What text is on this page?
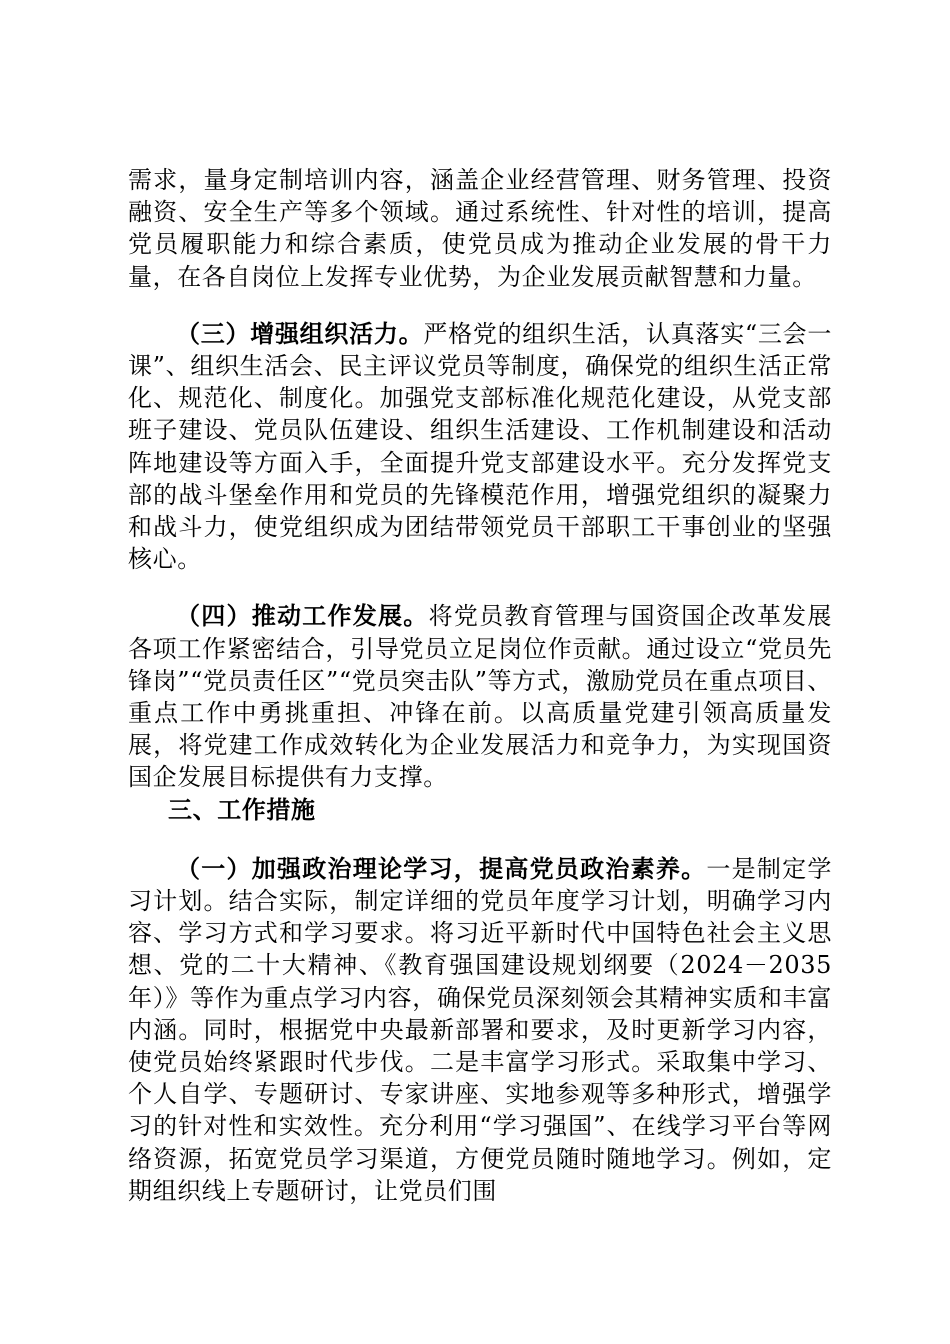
需求，量身定制培训内容，涵盖企业经营管理、财务管理、投资融资、安全生产等多个领域。通过系统性、针对性的培训，提高党员履职能力和综合素质，使党员成为推动企业发展的骨干力量，在各自岗位上发挥专业优势，为企业发展贡献智慧和力量。

（三）增强组织活力。严格党的组织生活，认真落实“三会一课”、组织生活会、民主评议党员等制度，确保党的组织生活正常化、规范化、制度化。加强党支部标准化规范化建设，从党支部班子建设、党员队伍建设、组织生活建设、工作机制建设和活动阵地建设等方面入手，全面提升党支部建设水平。充分发挥党支部的战斗堡垒作用和党员的先锋模范作用，增强党组织的凝聚力和战斗力，使党组织成为团结带领党员干部职工干事创业的坚强核心。

（四）推动工作发展。将党员教育管理与国资国企改革发展各项工作紧密结合，引导党员立足岗位作贡献。通过设立“党员先锋岗”“党员责任区”“党员突击队”等方式，激励党员在重点项目、重点工作中勇挑重担、冲锋在前。以高质量党建引领高质量发展，将党建工作成效转化为企业发展活力和竞争力，为实现国资国企发展目标提供有力支撑。

三、工作措施

（一）加强政治理论学习，提高党员政治素养。一是制定学习计划。结合实际，制定详细的党员年度学习计划，明确学习内容、学习方式和学习要求。将习近平新时代中国特色社会主义思想、党的二十大精神、《教育强国建设规划纲要（2024－2035年）》等作为重点学习内容，确保党员深刻领会其精神实质和丰富内涵。同时，根据党中央最新部署和要求，及时更新学习内容，使党员始终紧跟时代步伐。二是丰富学习形式。采取集中学习、个人自学、专题研讨、专家讲座、实地参观等多种形式，增强学习的针对性和实效性。充分利用“学习强国”、在线学习平台等网络资源，拓宽党员学习渠道，方便党员随时随地学习。例如，定期组织线上专题研讨，让党员们围
